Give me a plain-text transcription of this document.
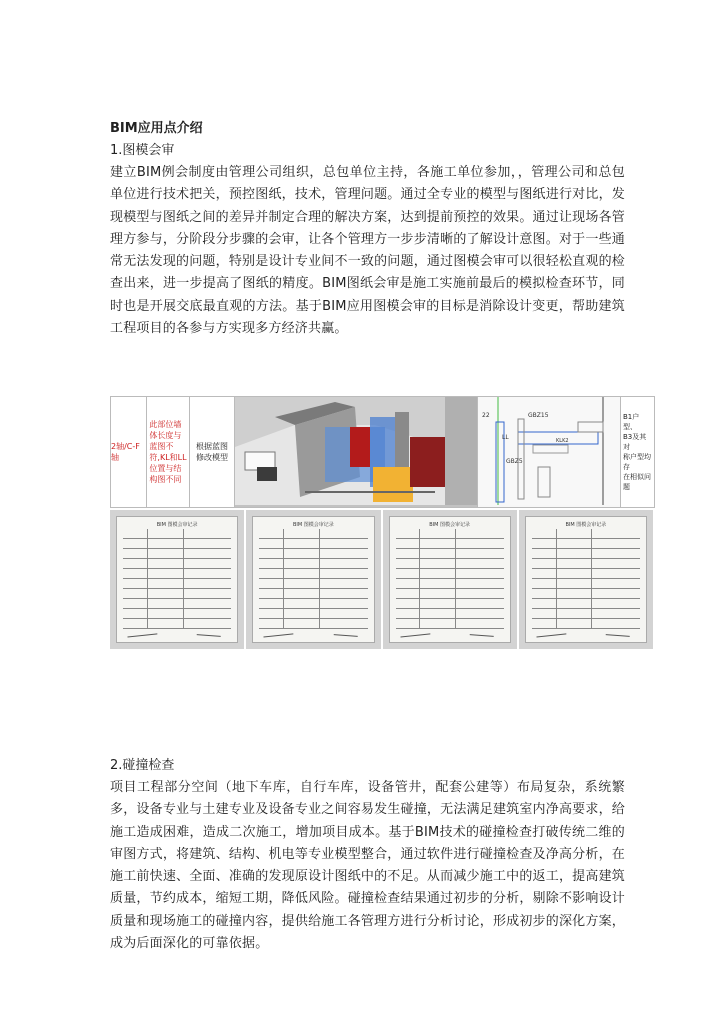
BIM应用点介绍

1.图模会审

建立BIM例会制度由管理公司组织，总包单位主持，各施工单位参加，，管理公司和总包单位进行技术把关，预控图纸，技术，管理问题。通过全专业的模型与图纸进行对比，发现模型与图纸之间的差异并制定合理的解决方案，达到提前预控的效果。通过让现场各管理方参与，分阶段分步骤的会审，让各个管理方一步步清晰的了解设计意图。对于一些通常无法发现的问题，特别是设计专业间不一致的问题，通过图模会审可以很轻松直观的检查出来，进一步提高了图纸的精度。BIM图纸会审是施工实施前最后的模拟检查环节，同时也是开展交底最直观的方法。基于BIM应用图模会审的目标是消除设计变更，帮助建筑工程项目的各参与方实现多方经济共赢。

2轴/C-F轴
此部位墙
体长度与
蓝图不
符,KL和LL
位置与结
构图不同
根据蓝图
修改模型
22	GBZ15
KLK2
GBZ5
LL
B1户型、
B3及其对
称户型均存
在相似问题
BIM 图模会审记录	BIM 图模会审记录	BIM 图模会审记录	BIM 图模会审记录

2.碰撞检查

项目工程部分空间（地下车库，自行车库，设备管井，配套公建等）布局复杂，系统繁多，设备专业与土建专业及设备专业之间容易发生碰撞，无法满足建筑室内净高要求，给施工造成困难，造成二次施工，增加项目成本。基于BIM技术的碰撞检查打破传统二维的审图方式，将建筑、结构、机电等专业模型整合，通过软件进行碰撞检查及净高分析，在施工前快速、全面、准确的发现原设计图纸中的不足。从而减少施工中的返工，提高建筑质量，节约成本，缩短工期，降低风险。碰撞检查结果通过初步的分析，剔除不影响设计质量和现场施工的碰撞内容，提供给施工各管理方进行分析讨论，形成初步的深化方案，成为后面深化的可靠依据。
